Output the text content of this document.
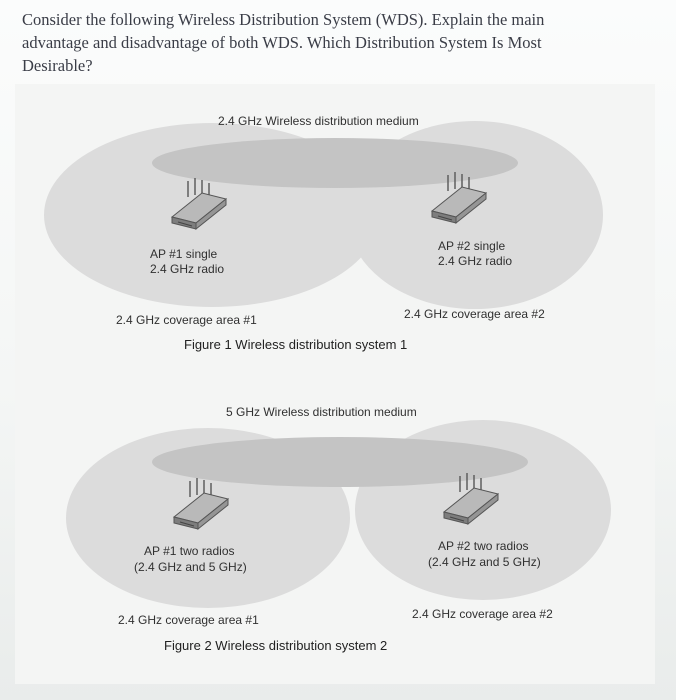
Consider the following Wireless Distribution System (WDS). Explain the main
advantage and disadvantage of both WDS. Which Distribution System Is Most
Desirable?

2.4 GHz Wireless distribution medium
AP #1 single
2.4 GHz radio
AP #2 single
2.4 GHz radio
2.4 GHz coverage area #1	2.4 GHz coverage area #2
Figure 1 Wireless distribution system 1
5 GHz Wireless distribution medium
AP #1 two radios
(2.4 GHz and 5 GHz)
AP #2 two radios
(2.4 GHz and 5 GHz)
2.4 GHz coverage area #1	2.4 GHz coverage area #2
Figure 2 Wireless distribution system 2
